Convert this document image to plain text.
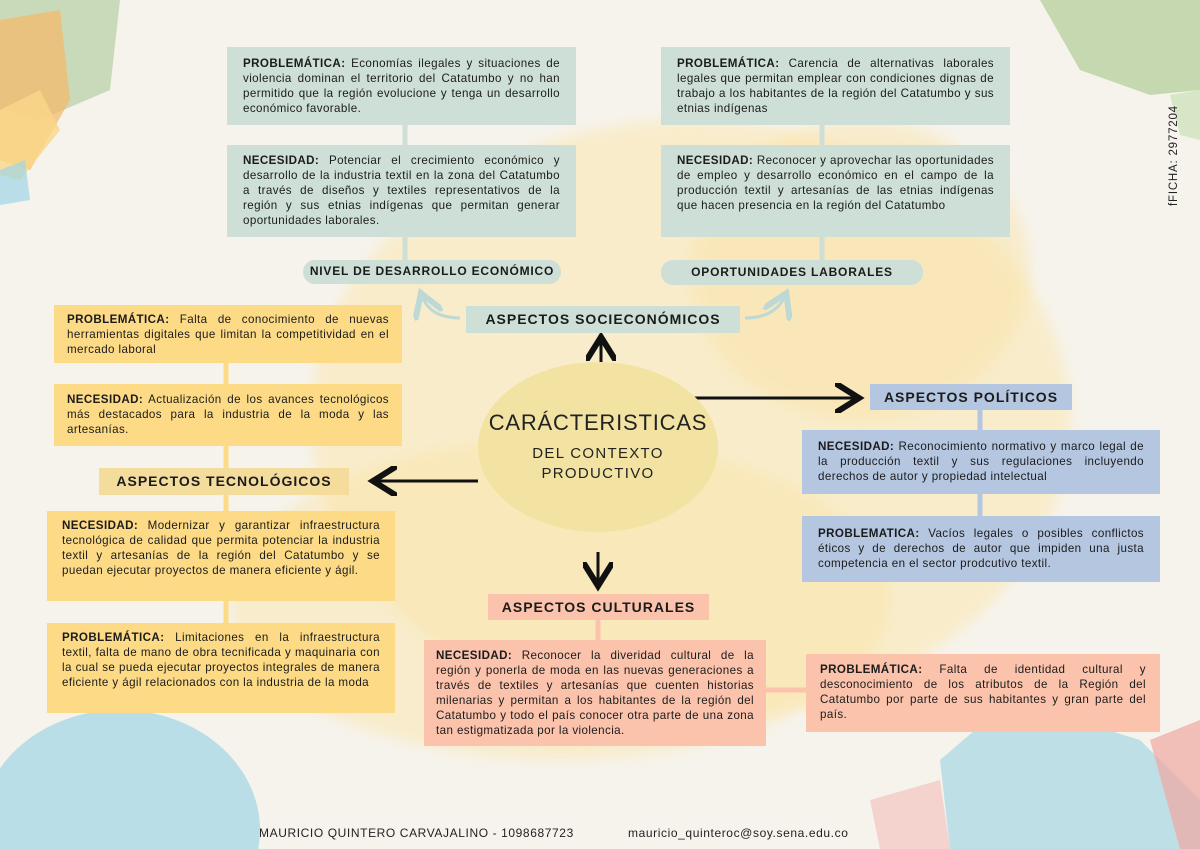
PROBLEMÁTICA: Economías ilegales y situaciones de violencia dominan el territorio del Catatumbo y no han permitido que la región evolucione y tenga un desarrollo económico favorable.
NECESIDAD: Potenciar el crecimiento económico y desarrollo de la industria textil en la zona del Catatumbo a través de diseños y textiles representativos de la región y sus etnias indígenas que permitan generar oportunidades laborales.
NIVEL DE DESARROLLO ECONÓMICO
PROBLEMÁTICA: Carencia de alternativas laborales legales que permitan emplear con condiciones dignas de trabajo a los habitantes de la región del Catatumbo y sus etnias indígenas
NECESIDAD: Reconocer y aprovechar las oportunidades de empleo y desarrollo económico en el campo de la producción textil y artesanías de las etnias indígenas que hacen presencia en la región del Catatumbo
OPORTUNIDADES LABORALES
ASPECTOS SOCIECONÓMICOS
CARÁCTERISTICAS
DEL CONTEXTO
PRODUCTIVO
PROBLEMÁTICA: Falta de conocimiento de nuevas herramientas digitales que limitan la competitividad en el mercado laboral
NECESIDAD: Actualización de los avances tecnológicos más destacados para la industria de la moda y las artesanías.
ASPECTOS TECNOLÓGICOS
NECESIDAD: Modernizar y garantizar infraestructura tecnológica de calidad que permita potenciar la industria textil y artesanías de la región del Catatumbo y se puedan ejecutar proyectos de manera eficiente y ágil.
PROBLEMÁTICA: Limitaciones en la infraestructura textil, falta de mano de obra tecnificada y maquinaria con la cual se pueda ejecutar proyectos integrales de manera eficiente y ágil relacionados con la industria de la moda
ASPECTOS POLÍTICOS
NECESIDAD: Reconocimiento normativo y marco legal de la producción textil y sus regulaciones incluyendo derechos de autor y propiedad intelectual
PROBLEMATICA: Vacíos legales o posibles conflictos éticos y de derechos de autor que impiden una justa competencia en el sector prodcutivo textil.
ASPECTOS CULTURALES
NECESIDAD: Reconocer la diveridad cultural de la región y ponerla de moda en las nuevas generaciones a través de textiles y artesanías que cuenten historias milenarias y permitan a los habitantes de la región del Catatumbo y todo el país conocer otra parte de una zona tan estigmatizada por la violencia.
PROBLEMÁTICA: Falta de identidad cultural y desconocimiento de los atributos de la Región del Catatumbo por parte de sus habitantes y gran parte del país.
fFICHA: 2977204
MAURICIO QUINTERO CARVAJALINO - 1098687723	mauricio_quinteroc@soy.sena.edu.co
